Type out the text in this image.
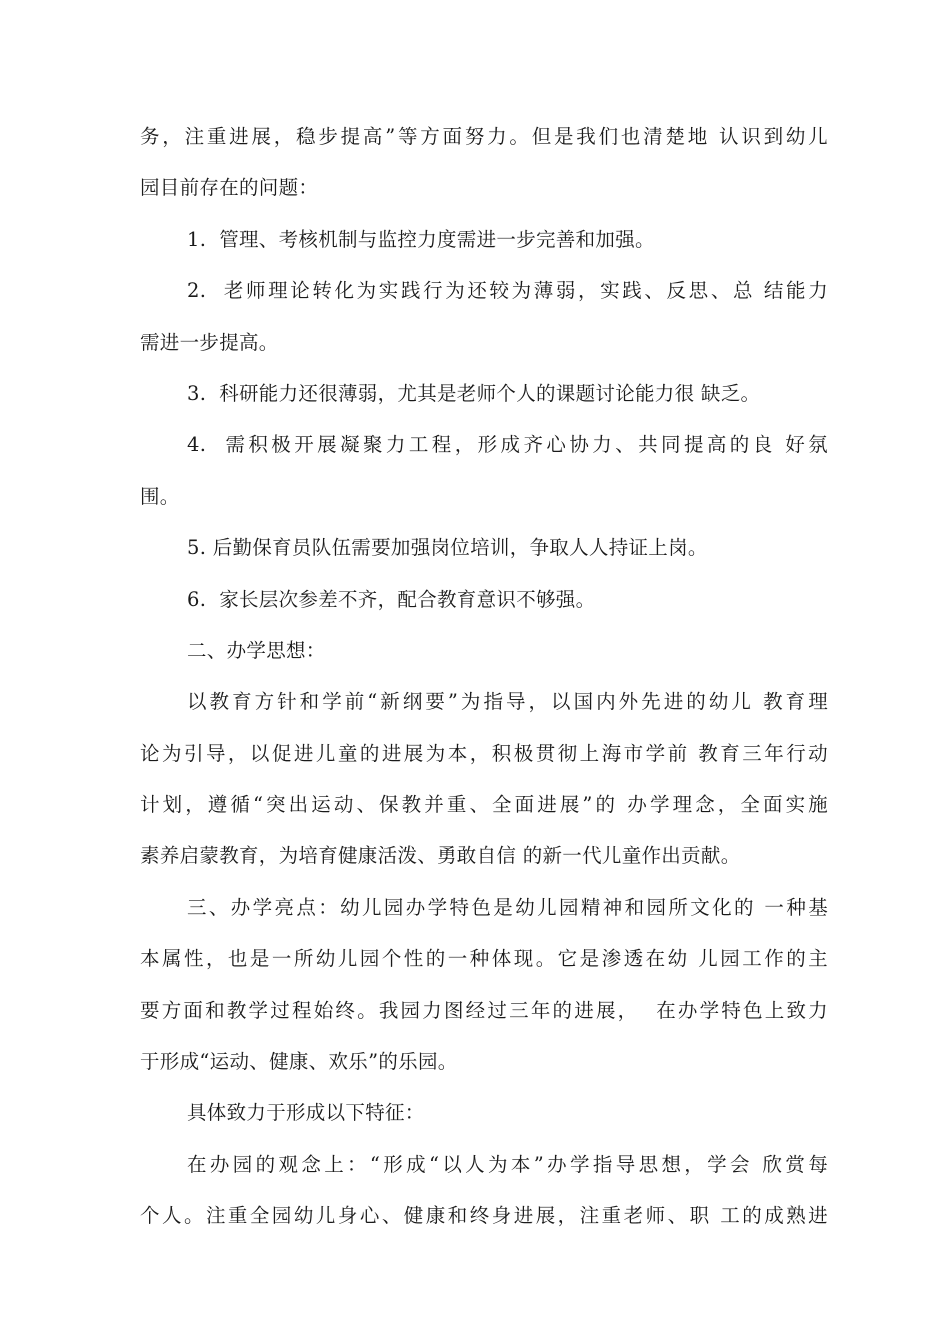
务，注重进展，稳步提高”等方面努力。但是我们也清楚地 认识到幼儿
园目前存在的问题：
1.  管理、考核机制与监控力度需进一步完善和加强。
2.  老师理论转化为实践行为还较为薄弱，实践、反思、总 结能力
需进一步提高。
3.  科研能力还很薄弱，尤其是老师个人的课题讨论能力很 缺乏。
4.  需积极开展凝聚力工程，形成齐心协力、共同提高的良 好氛
围。
5. 后勤保育员队伍需要加强岗位培训，争取人人持证上岗。
6.  家长层次参差不齐，配合教育意识不够强。
二、办学思想：
以教育方针和学前“新纲要”为指导，以国内外先进的幼儿 教育理
论为引导，以促进儿童的进展为本，积极贯彻上海市学前 教育三年行动
计划，遵循“突出运动、保教并重、全面进展”的 办学理念，全面实施
素养启蒙教育，为培育健康活泼、勇敢自信 的新一代儿童作出贡献。
三、办学亮点：幼儿园办学特色是幼儿园精神和园所文化的 一种基
本属性，也是一所幼儿园个性的一种体现。它是渗透在幼 儿园工作的主
要方面和教学过程始终。我园力图经过三年的进展，  在办学特色上致力
于形成“运动、健康、欢乐”的乐园。
具体致力于形成以下特征：
在办园的观念上：“形成“以人为本”办学指导思想，学会 欣赏每
个人。注重全园幼儿身心、健康和终身进展，注重老师、职 工的成熟进
